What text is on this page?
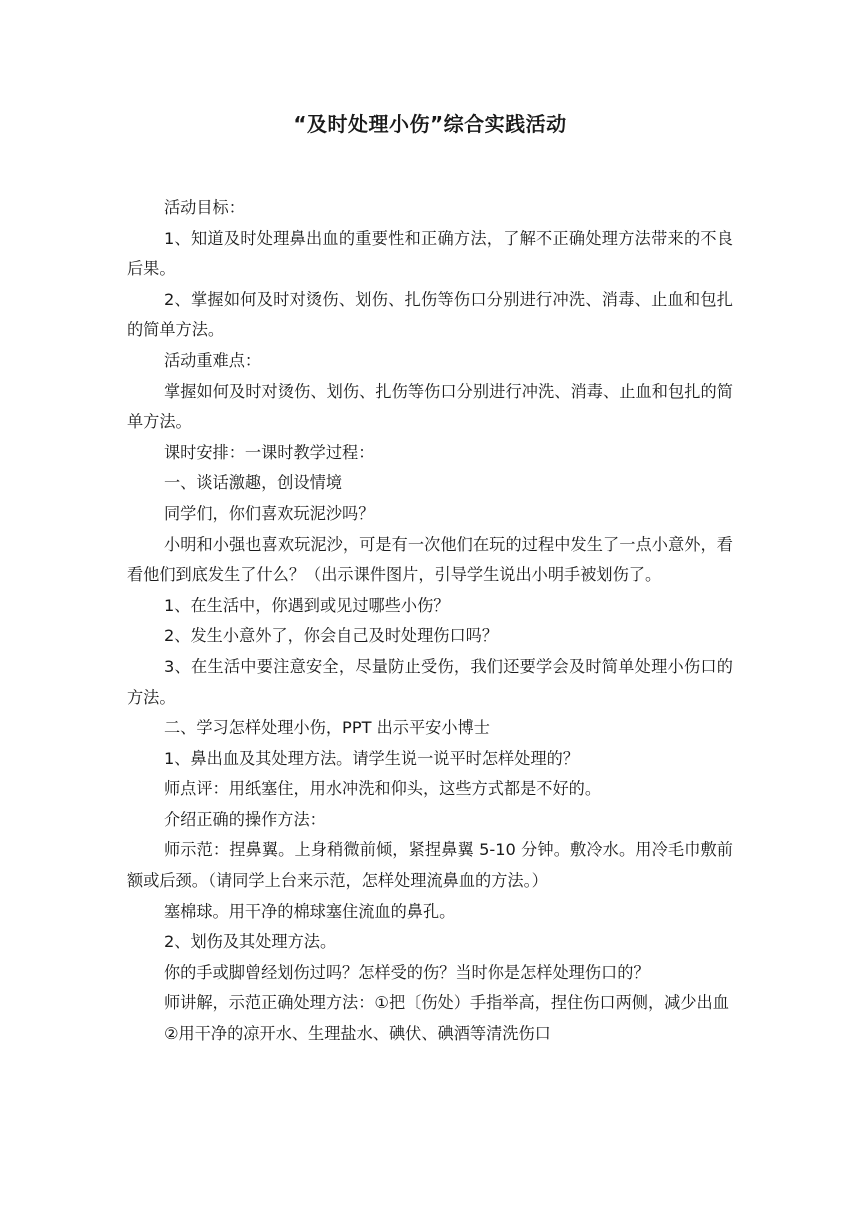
“及时处理小伤”综合实践活动

活动目标：

1、知道及时处理鼻出血的重要性和正确方法，了解不正确处理方法带来的不良后果。

2、掌握如何及时对烫伤、划伤、扎伤等伤口分别进行冲洗、消毒、止血和包扎的简单方法。

活动重难点：

掌握如何及时对烫伤、划伤、扎伤等伤口分别进行冲洗、消毒、止血和包扎的简单方法。

课时安排：一课时教学过程：

一、谈话激趣，创设情境

同学们，你们喜欢玩泥沙吗？

小明和小强也喜欢玩泥沙，可是有一次他们在玩的过程中发生了一点小意外，看看他们到底发生了什么？（出示课件图片，引导学生说出小明手被划伤了。

1、在生活中，你遇到或见过哪些小伤？

2、发生小意外了，你会自己及时处理伤口吗？

3、在生活中要注意安全，尽量防止受伤，我们还要学会及时简单处理小伤口的方法。

二、学习怎样处理小伤，PPT 出示平安小博士

1、鼻出血及其处理方法。请学生说一说平时怎样处理的？

师点评：用纸塞住，用水冲洗和仰头，这些方式都是不好的。

介绍正确的操作方法：

师示范：捏鼻翼。上身稍微前倾，紧捏鼻翼 5-10 分钟。敷冷水。用冷毛巾敷前额或后颈。（请同学上台来示范，怎样处理流鼻血的方法。）

塞棉球。用干净的棉球塞住流血的鼻孔。

2、划伤及其处理方法。

你的手或脚曾经划伤过吗？怎样受的伤？当时你是怎样处理伤口的？

师讲解，示范正确处理方法：①把〔伤处）手指举高，捏住伤口两侧，减少出血

②用干净的凉开水、生理盐水、碘伏、碘酒等清洗伤口
